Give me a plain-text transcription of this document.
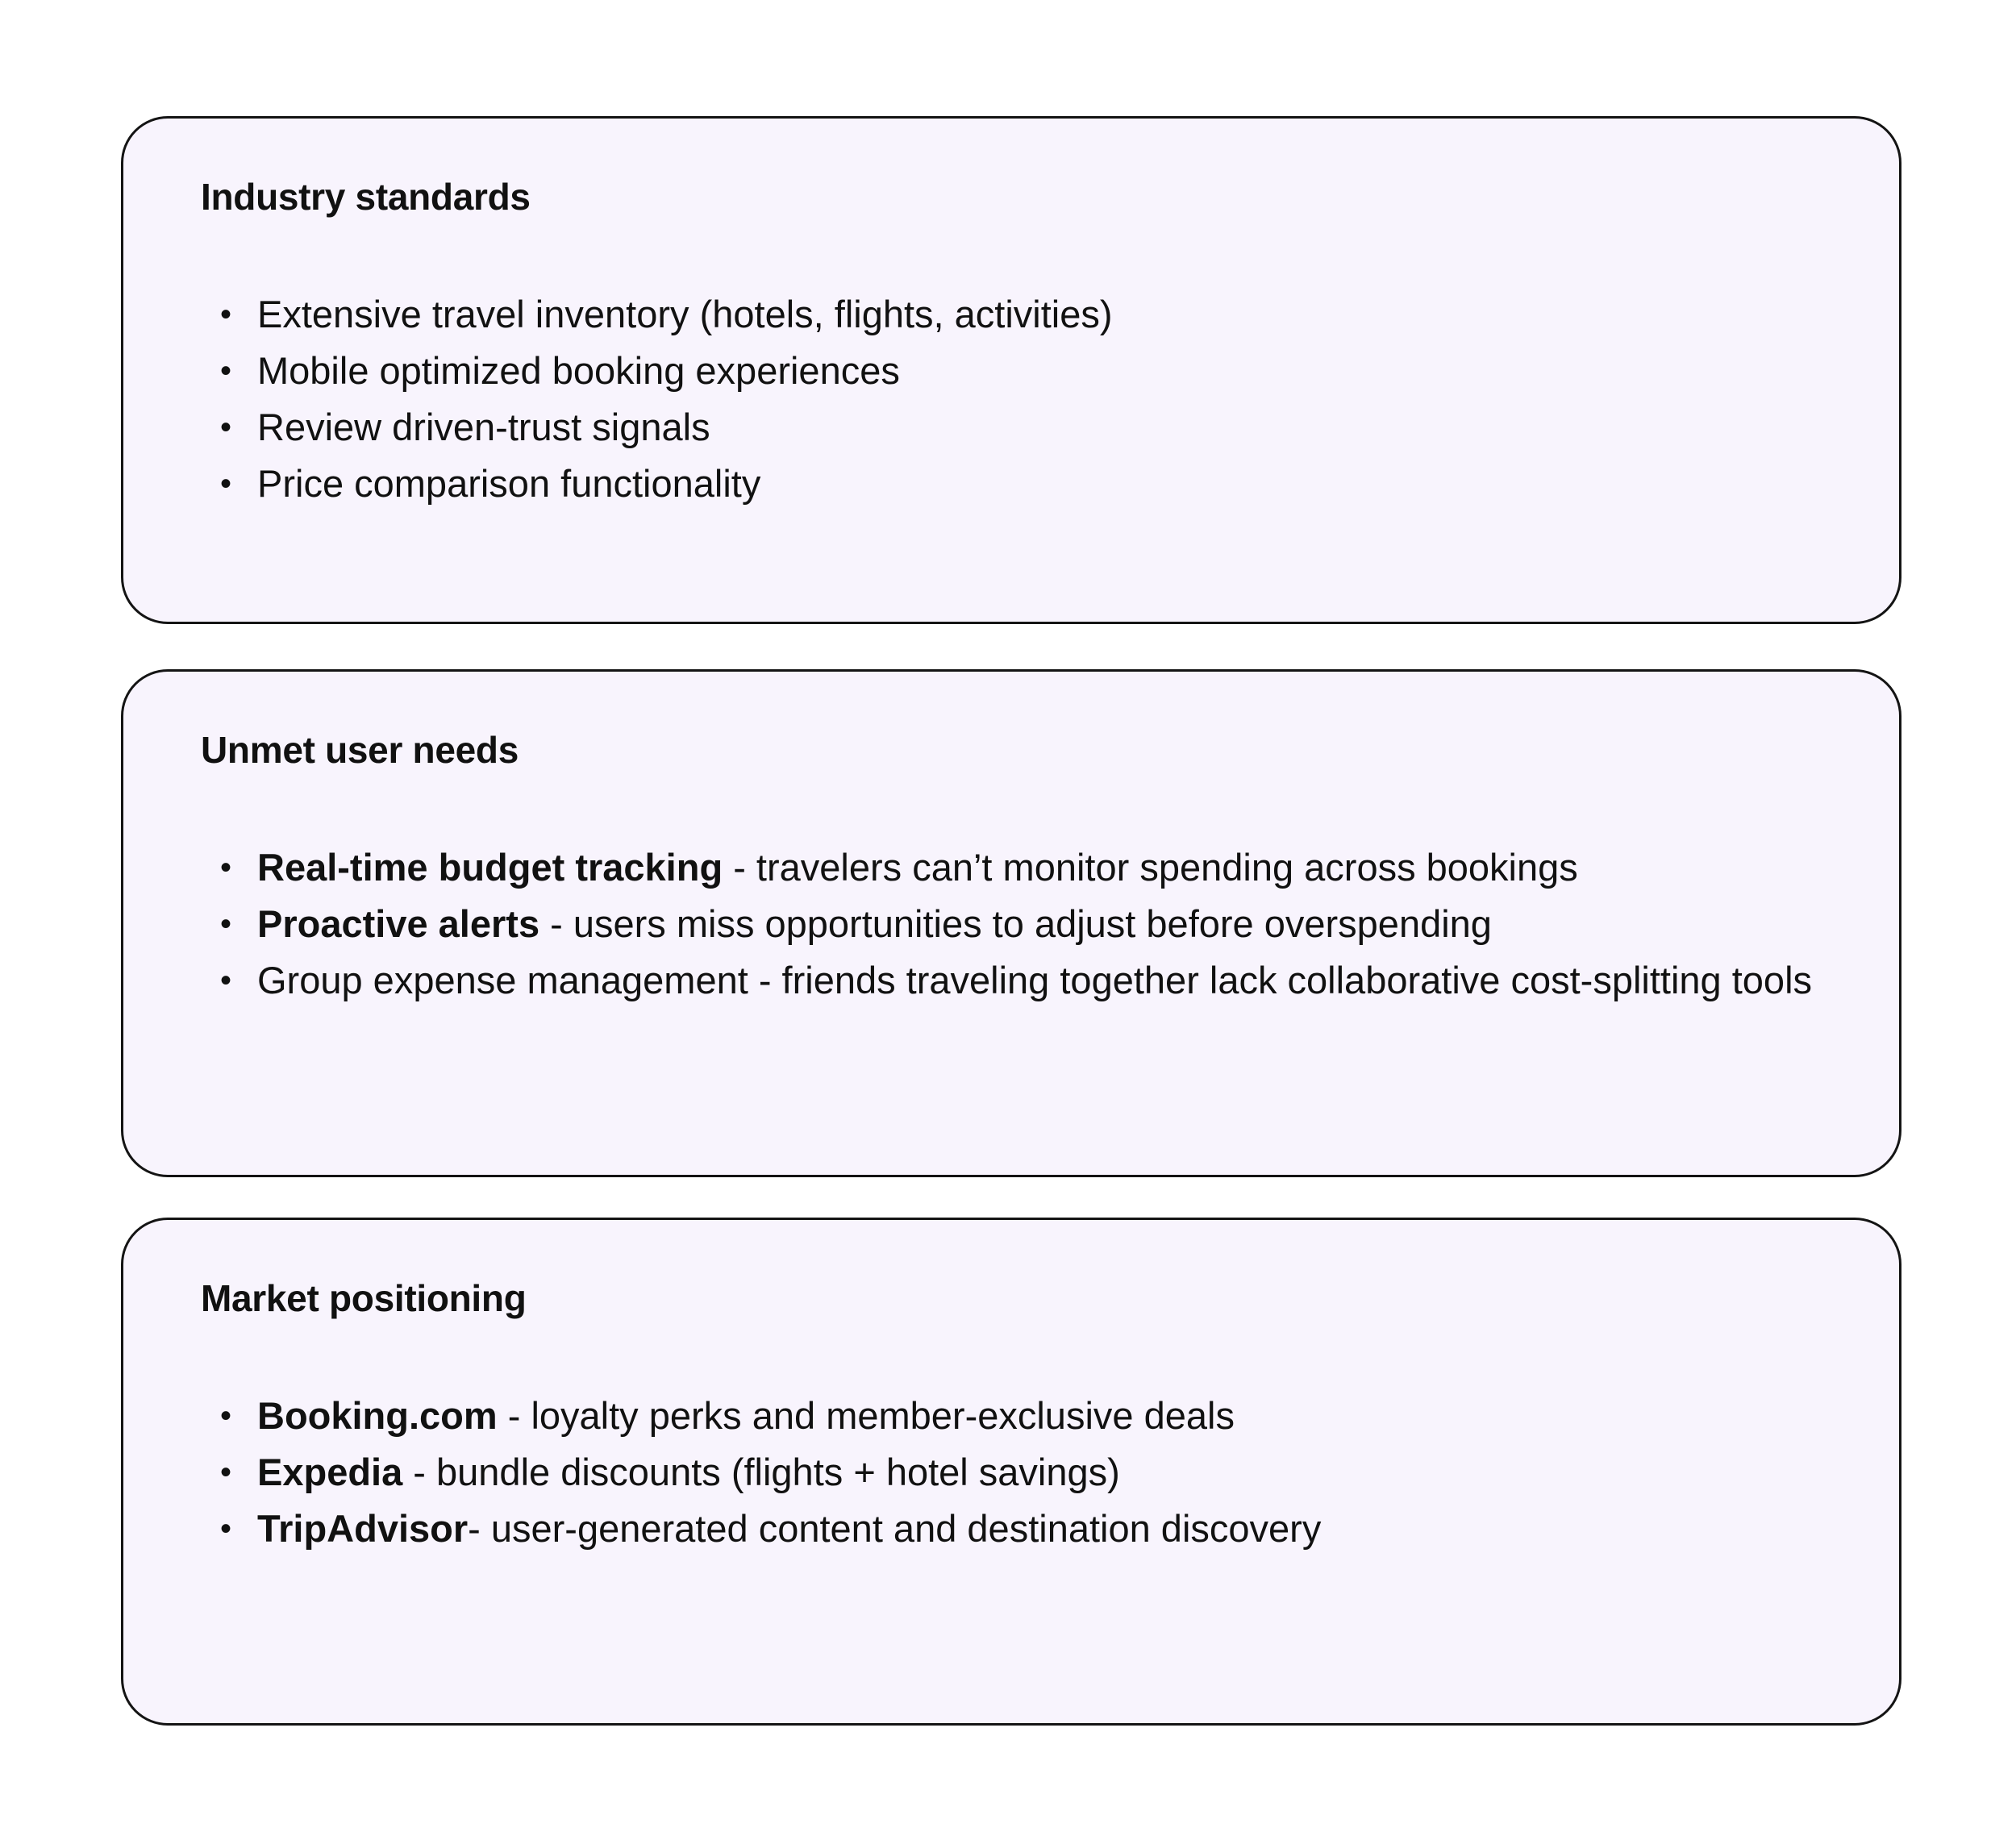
Industry standards
• Extensive travel inventory (hotels, flights, activities)
• Mobile optimized booking experiences
• Review driven-trust signals
• Price comparison functionality
Unmet user needs
• Real-time budget tracking - travelers can’t monitor spending across bookings
• Proactive alerts - users miss opportunities to adjust before overspending
• Group expense management - friends traveling together lack collaborative cost-splitting tools
Market positioning
• Booking.com - loyalty perks and member-exclusive deals
• Expedia - bundle discounts (flights + hotel savings)
• TripAdvisor- user-generated content and destination discovery
